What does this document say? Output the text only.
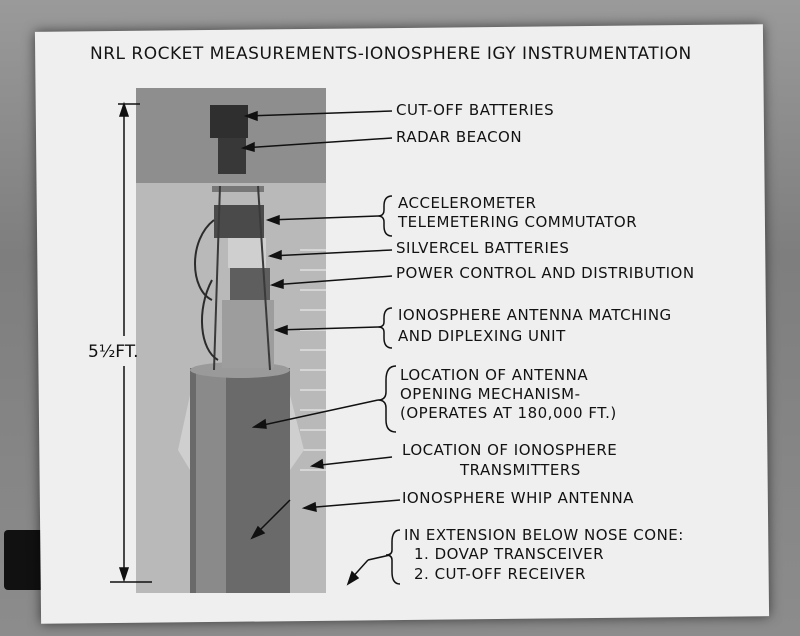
NRL ROCKET MEASUREMENTS-IONOSPHERE IGY INSTRUMENTATION
5½FT.
CUT-OFF BATTERIES
RADAR BEACON
ACCELEROMETER
TELEMETERING COMMUTATOR
SILVERCEL BATTERIES
POWER CONTROL AND DISTRIBUTION
IONOSPHERE ANTENNA MATCHING
AND DIPLEXING UNIT
LOCATION OF ANTENNA
OPENING MECHANISM-
(OPERATES AT 180,000 FT.)
LOCATION OF IONOSPHERE
TRANSMITTERS
IONOSPHERE WHIP ANTENNA
IN EXTENSION BELOW NOSE CONE:
1. DOVAP TRANSCEIVER
2. CUT-OFF RECEIVER
